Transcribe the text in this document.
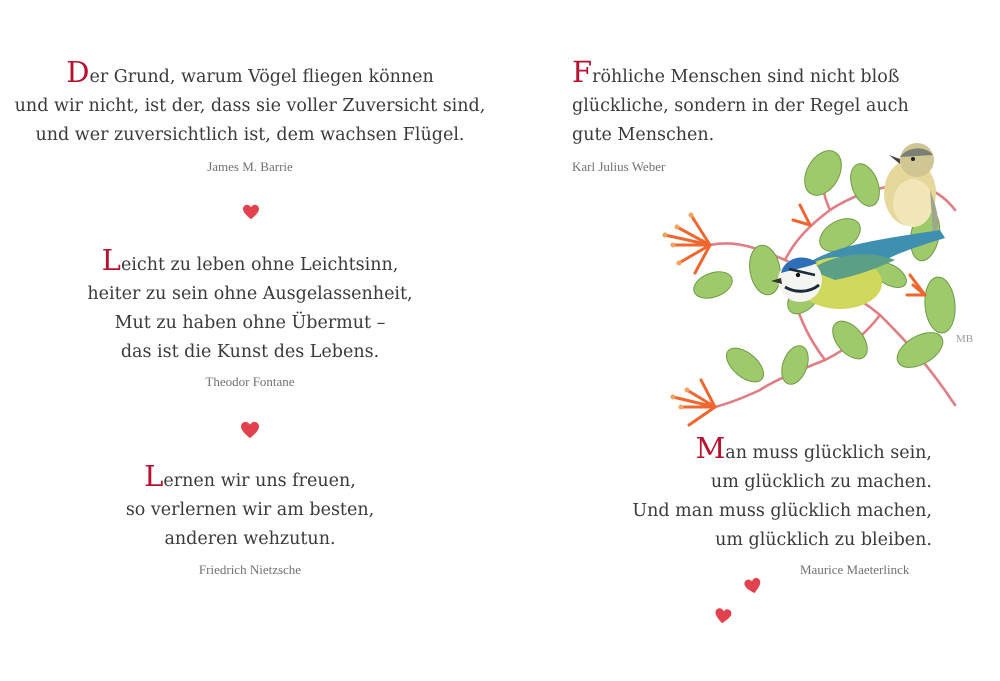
Der Grund, warum Vögel fliegen können
und wir nicht, ist der, dass sie voller Zuversicht sind,
und wer zuversichtlich ist, dem wachsen Flügel.
James M. Barrie
Leicht zu leben ohne Leichtsinn,
heiter zu sein ohne Ausgelassenheit,
Mut zu haben ohne Übermut –
das ist die Kunst des Lebens.
Theodor Fontane
Lernen wir uns freuen,
so verlernen wir am besten,
anderen wehzutun.
Friedrich Nietzsche
Fröhliche Menschen sind nicht bloß
glückliche, sondern in der Regel auch
gute Menschen.
Karl Julius Weber
MB
Man muss glücklich sein,
um glücklich zu machen.
Und man muss glücklich machen,
um glücklich zu bleiben.
Maurice Maeterlinck
